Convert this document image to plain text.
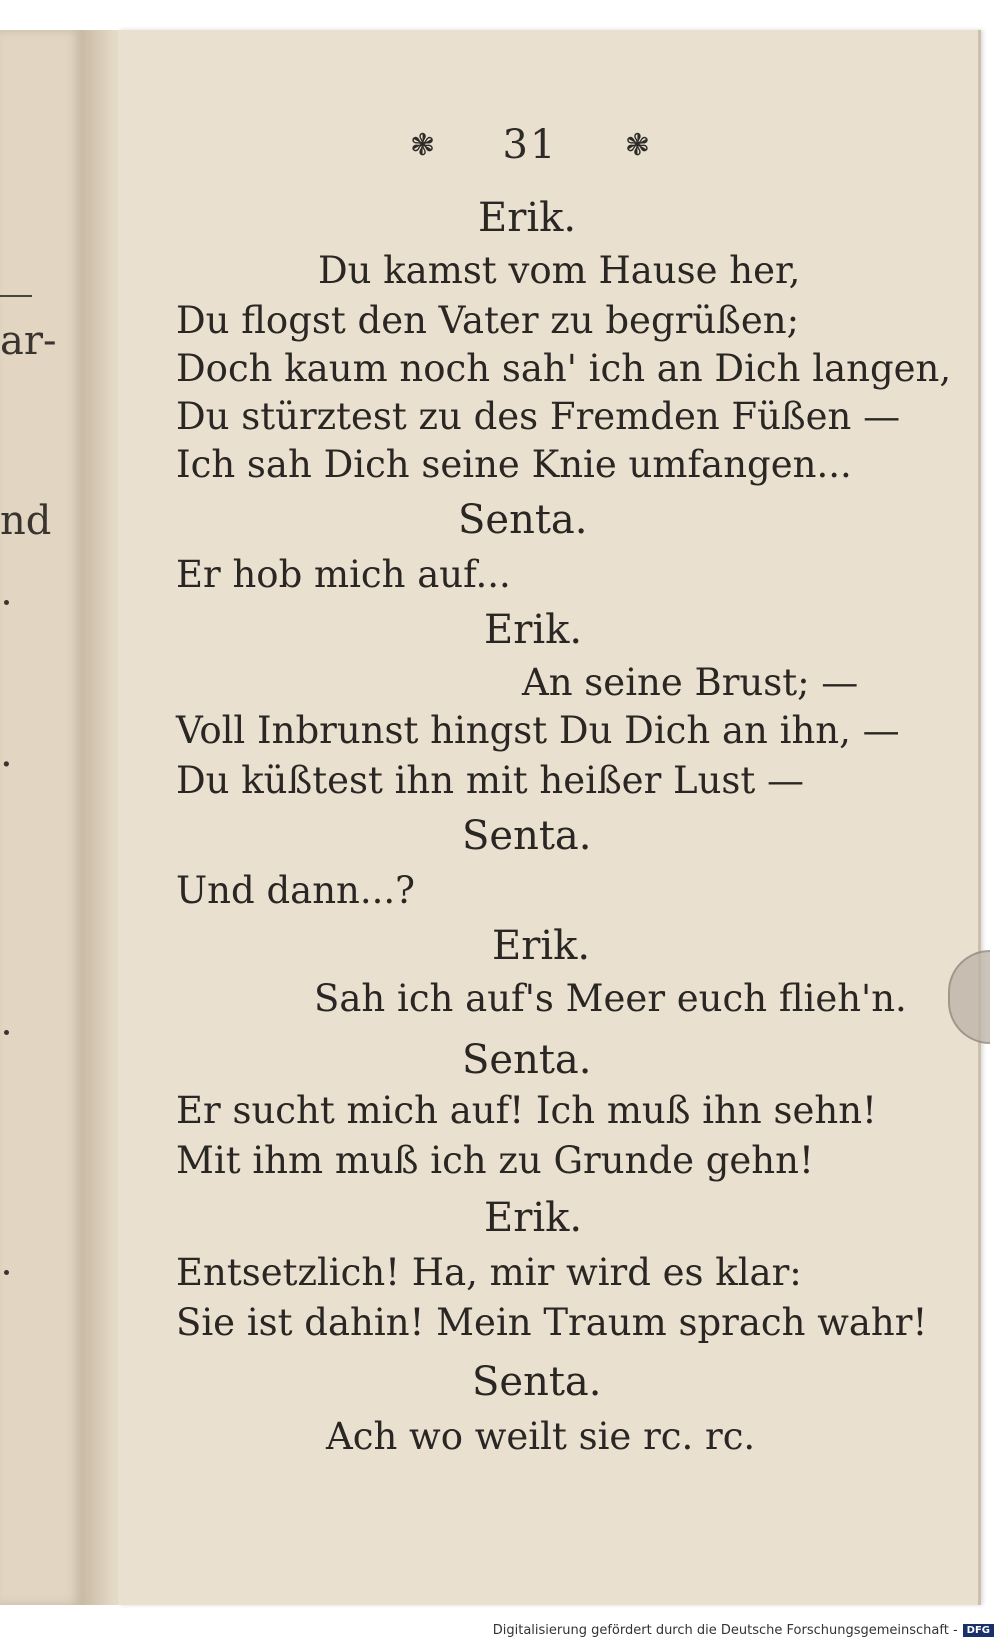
ar-
nd
.
❃ 31 ❃
Erik.
Du kamst vom Hause her,
Du flogst den Vater zu begrüßen;
Doch kaum noch sah' ich an Dich langen,
Du stürztest zu des Fremden Füßen —
Ich sah Dich seine Knie umfangen...
Senta.
Er hob mich auf...
Erik.
An seine Brust; —
Voll Inbrunst hingst Du Dich an ihn, —
Du küßtest ihn mit heißer Lust —
Senta.
Und dann...?
Erik.
Sah ich auf's Meer euch flieh'n.
Senta.
Er sucht mich auf! Ich muß ihn sehn!
Mit ihm muß ich zu Grunde gehn!
Erik.
Entsetzlich! Ha, mir wird es klar:
Sie ist dahin! Mein Traum sprach wahr!
Senta.
Ach wo weilt sie rc. rc.
Digitalisierung gefördert durch die Deutsche Forschungsgemeinschaft - DFG
